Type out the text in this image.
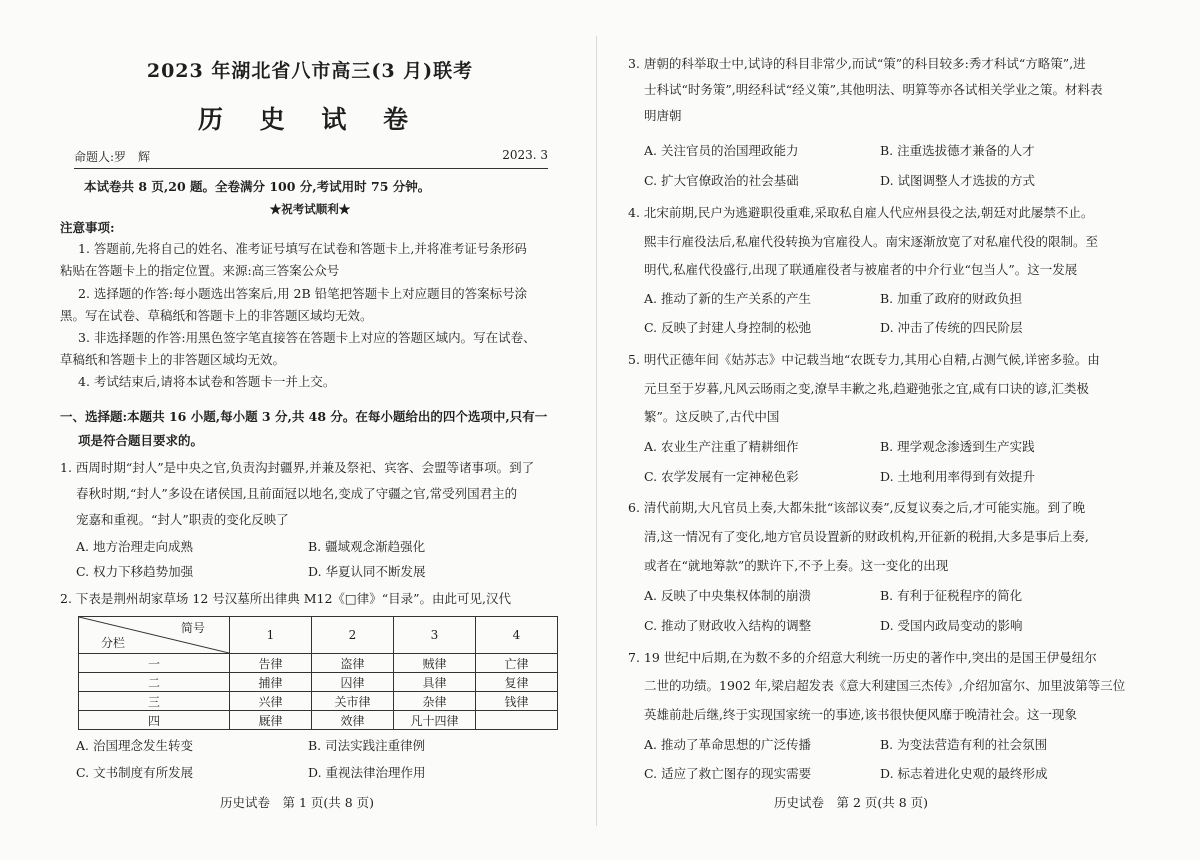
2023 年湖北省八市高三(3 月)联考
历 史 试 卷
命题人:罗　辉	2023. 3
本试卷共 8 页,20 题。全卷满分 100 分,考试用时 75 分钟。
★祝考试顺利★
注意事项:
1. 答题前,先将自己的姓名、准考证号填写在试卷和答题卡上,并将准考证号条形码
粘贴在答题卡上的指定位置。来源:高三答案公众号
2. 选择题的作答:每小题选出答案后,用 2B 铅笔把答题卡上对应题目的答案标号涂
黑。写在试卷、草稿纸和答题卡上的非答题区域均无效。
3. 非选择题的作答:用黑色签字笔直接答在答题卡上对应的答题区域内。写在试卷、
草稿纸和答题卡上的非答题区域均无效。
4. 考试结束后,请将本试卷和答题卡一并上交。
一、选择题:本题共 16 小题,每小题 3 分,共 48 分。在每小题给出的四个选项中,只有一
项是符合题目要求的。
1. 西周时期“封人”是中央之官,负责沟封疆界,并兼及祭祀、宾客、会盟等诸事项。到了
春秋时期,“封人”多设在诸侯国,且前面冠以地名,变成了守疆之官,常受列国君主的
宠嘉和重视。“封人”职责的变化反映了
A. 地方治理走向成熟	B. 疆域观念渐趋强化
C. 权力下移趋势加强	D. 华夏认同不断发展
2. 下表是荆州胡家草场 12 号汉墓所出律典 M12《□律》“目录”。由此可见,汉代
简号
分栏	1	2	3	4
一	告律	盗律	贼律	亡律
二	捕律	囚律	具律	复律
三	兴律	关市律	杂律	钱律
四	厩律	效律	凡十四律	
A. 治国理念发生转变	B. 司法实践注重律例
C. 文书制度有所发展	D. 重视法律治理作用
历史试卷　第 1 页(共 8 页)
3. 唐朝的科举取士中,试诗的科目非常少,而试“策”的科目较多:秀才科试“方略策”,进
士科试“时务策”,明经科试“经义策”,其他明法、明算等亦各试相关学业之策。材料表
明唐朝
A. 关注官员的治国理政能力	B. 注重选拔德才兼备的人才
C. 扩大官僚政治的社会基础	D. 试图调整人才选拔的方式
4. 北宋前期,民户为逃避职役重难,采取私自雇人代应州县役之法,朝廷对此屡禁不止。
熙丰行雇役法后,私雇代役转换为官雇役人。南宋逐渐放宽了对私雇代役的限制。至
明代,私雇代役盛行,出现了联通雇役者与被雇者的中介行业“包当人”。这一发展
A. 推动了新的生产关系的产生	B. 加重了政府的财政负担
C. 反映了封建人身控制的松弛	D. 冲击了传统的四民阶层
5. 明代正德年间《姑苏志》中记载当地“农既专力,其用心自精,占测气候,详密多验。由
元旦至于岁暮,凡风云旸雨之变,潦旱丰歉之兆,趋避弛张之宜,咸有口诀的谚,汇类极
繁”。这反映了,古代中国
A. 农业生产注重了精耕细作	B. 理学观念渗透到生产实践
C. 农学发展有一定神秘色彩	D. 土地利用率得到有效提升
6. 清代前期,大凡官员上奏,大都朱批“该部议奏”,反复议奏之后,才可能实施。到了晚
清,这一情况有了变化,地方官员设置新的财政机构,开征新的税捐,大多是事后上奏,
或者在“就地筹款”的默许下,不予上奏。这一变化的出现
A. 反映了中央集权体制的崩溃	B. 有利于征税程序的简化
C. 推动了财政收入结构的调整	D. 受国内政局变动的影响
7. 19 世纪中后期,在为数不多的介绍意大利统一历史的著作中,突出的是国王伊曼纽尔
二世的功绩。1902 年,梁启超发表《意大利建国三杰传》,介绍加富尔、加里波第等三位
英雄前赴后继,终于实现国家统一的事迹,该书很快便风靡于晚清社会。这一现象
A. 推动了革命思想的广泛传播	B. 为变法营造有利的社会氛围
C. 适应了救亡图存的现实需要	D. 标志着进化史观的最终形成
历史试卷　第 2 页(共 8 页)
